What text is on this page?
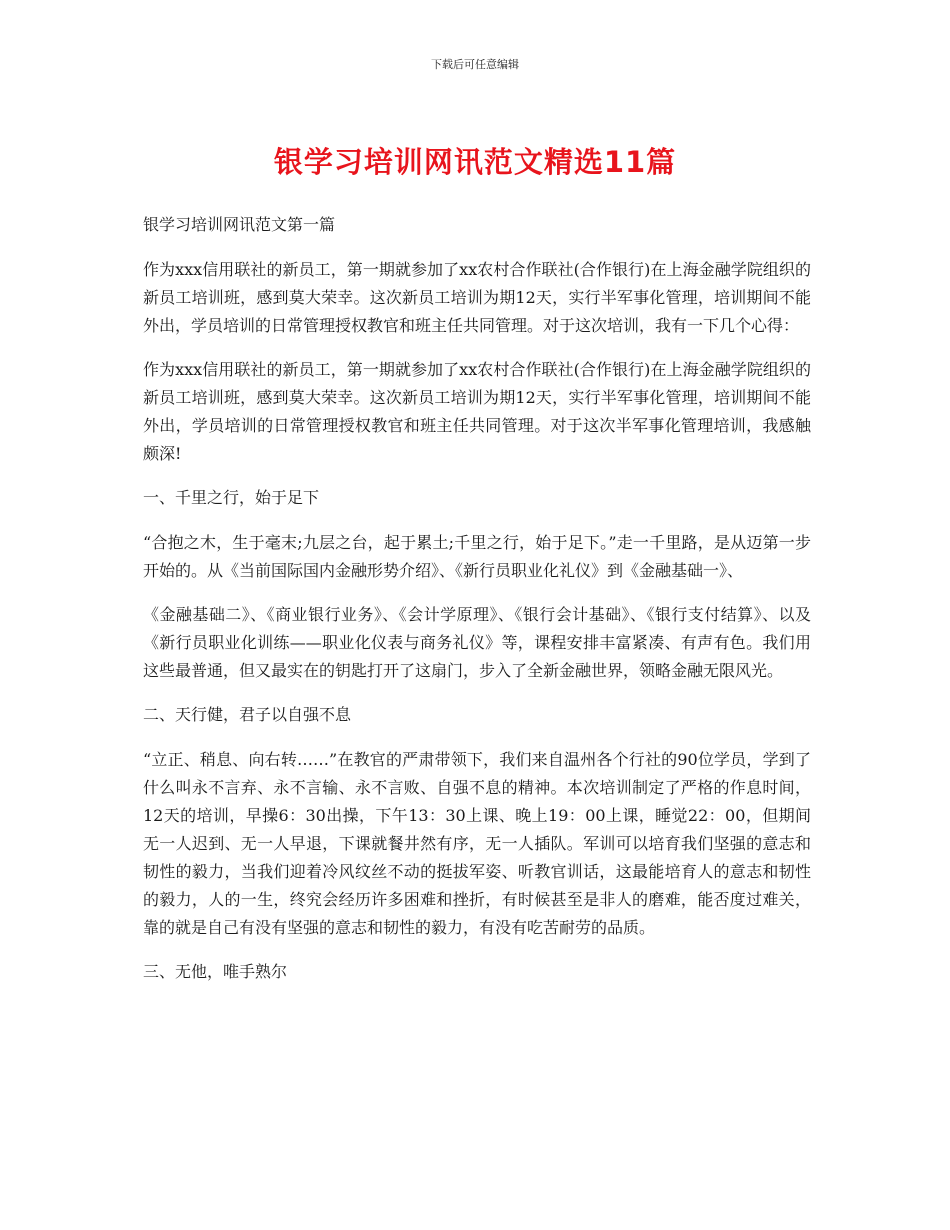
下载后可任意编辑
银学习培训网讯范文精选11篇

银学习培训网讯范文第一篇

作为xxx信用联社的新员工，第一期就参加了xx农村合作联社(合作银行)在上海金融学院组织的新员工培训班，感到莫大荣幸。这次新员工培训为期12天，实行半军事化管理，培训期间不能外出，学员培训的日常管理授权教官和班主任共同管理。对于这次培训，我有一下几个心得：

作为xxx信用联社的新员工，第一期就参加了xx农村合作联社(合作银行)在上海金融学院组织的新员工培训班，感到莫大荣幸。这次新员工培训为期12天，实行半军事化管理，培训期间不能外出，学员培训的日常管理授权教官和班主任共同管理。对于这次半军事化管理培训，我感触颇深!

一、千里之行，始于足下

“合抱之木，生于毫末;九层之台，起于累土;千里之行，始于足下。”走一千里路，是从迈第一步开始的。从《当前国际国内金融形势介绍》、《新行员职业化礼仪》到《金融基础一》、

《金融基础二》、《商业银行业务》、《会计学原理》、《银行会计基础》、《银行支付结算》、以及《新行员职业化训练——职业化仪表与商务礼仪》等，课程安排丰富紧凑、有声有色。我们用这些最普通，但又最实在的钥匙打开了这扇门，步入了全新金融世界，领略金融无限风光。

二、天行健，君子以自强不息

“立正、稍息、向右转……”在教官的严肃带领下，我们来自温州各个行社的90位学员，学到了什么叫永不言弃、永不言输、永不言败、自强不息的精神。本次培训制定了严格的作息时间，12天的培训，早操6：30出操，下午13：30上课、晚上19：00上课，睡觉22：00，但期间无一人迟到、无一人早退，下课就餐井然有序，无一人插队。军训可以培育我们坚强的意志和韧性的毅力，当我们迎着冷风纹丝不动的挺拔军姿、听教官训话，这最能培育人的意志和韧性的毅力，人的一生，终究会经历许多困难和挫折，有时候甚至是非人的磨难，能否度过难关，靠的就是自己有没有坚强的意志和韧性的毅力，有没有吃苦耐劳的品质。

三、无他，唯手熟尔
